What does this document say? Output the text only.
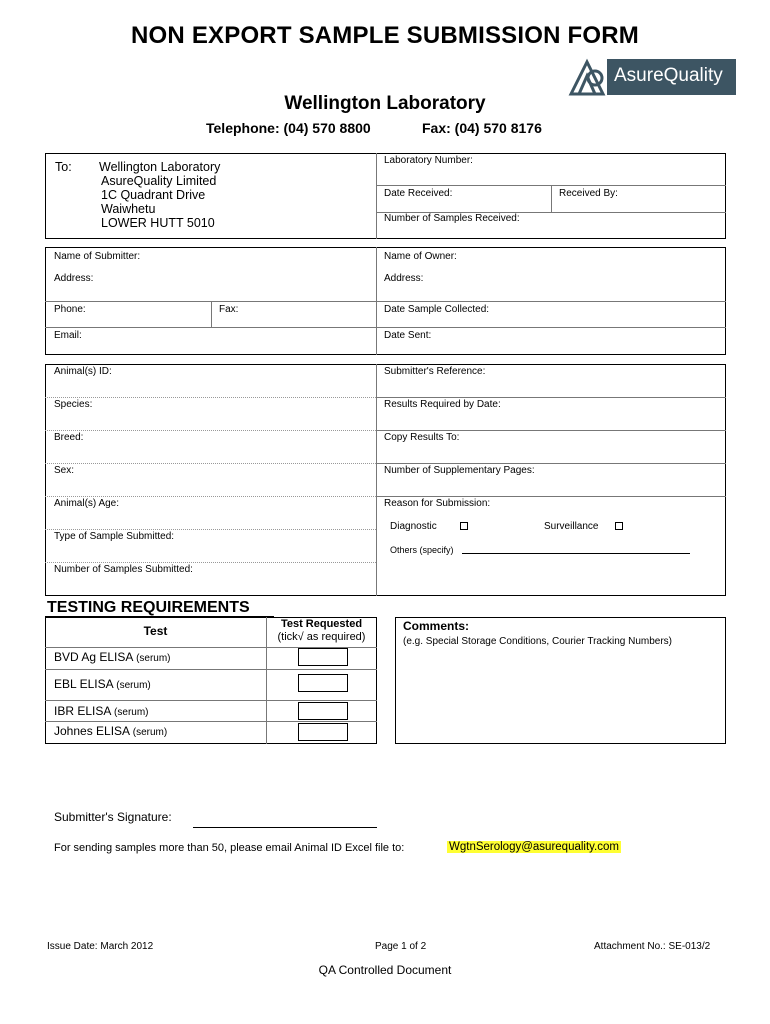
NON EXPORT SAMPLE SUBMISSION FORM
AsureQuality
Wellington Laboratory
Telephone: (04) 570 8800	Fax: (04) 570 8176
To: Wellington Laboratory
AsureQuality Limited
1C Quadrant Drive
Waiwhetu
LOWER HUTT 5010
Laboratory Number:
Date Received:	Received By:
Number of Samples Received:
Name of Submitter:
Address:
Phone:	Fax:
Email:
Name of Owner:
Address:
Date Sample Collected:
Date Sent:
Animal(s) ID:
Species:
Breed:
Sex:
Animal(s) Age:
Type of Sample Submitted:
Number of Samples Submitted:
Submitter's Reference:
Results Required by Date:
Copy Results To:
Number of Supplementary Pages:
Reason for Submission:
Diagnostic	Surveillance
Others (specify)
TESTING REQUIREMENTS
Test	Test Requested
(tick√ as required)
BVD Ag ELISA (serum)
EBL ELISA (serum)
IBR ELISA (serum)
Johnes ELISA (serum)
Comments:
(e.g. Special Storage Conditions, Courier Tracking Numbers)
Submitter's Signature:
For sending samples more than 50, please email Animal ID Excel file to:	WgtnSerology@asurequality.com
Issue Date: March 2012	Page 1 of 2	Attachment No.: SE-013/2
QA Controlled Document
